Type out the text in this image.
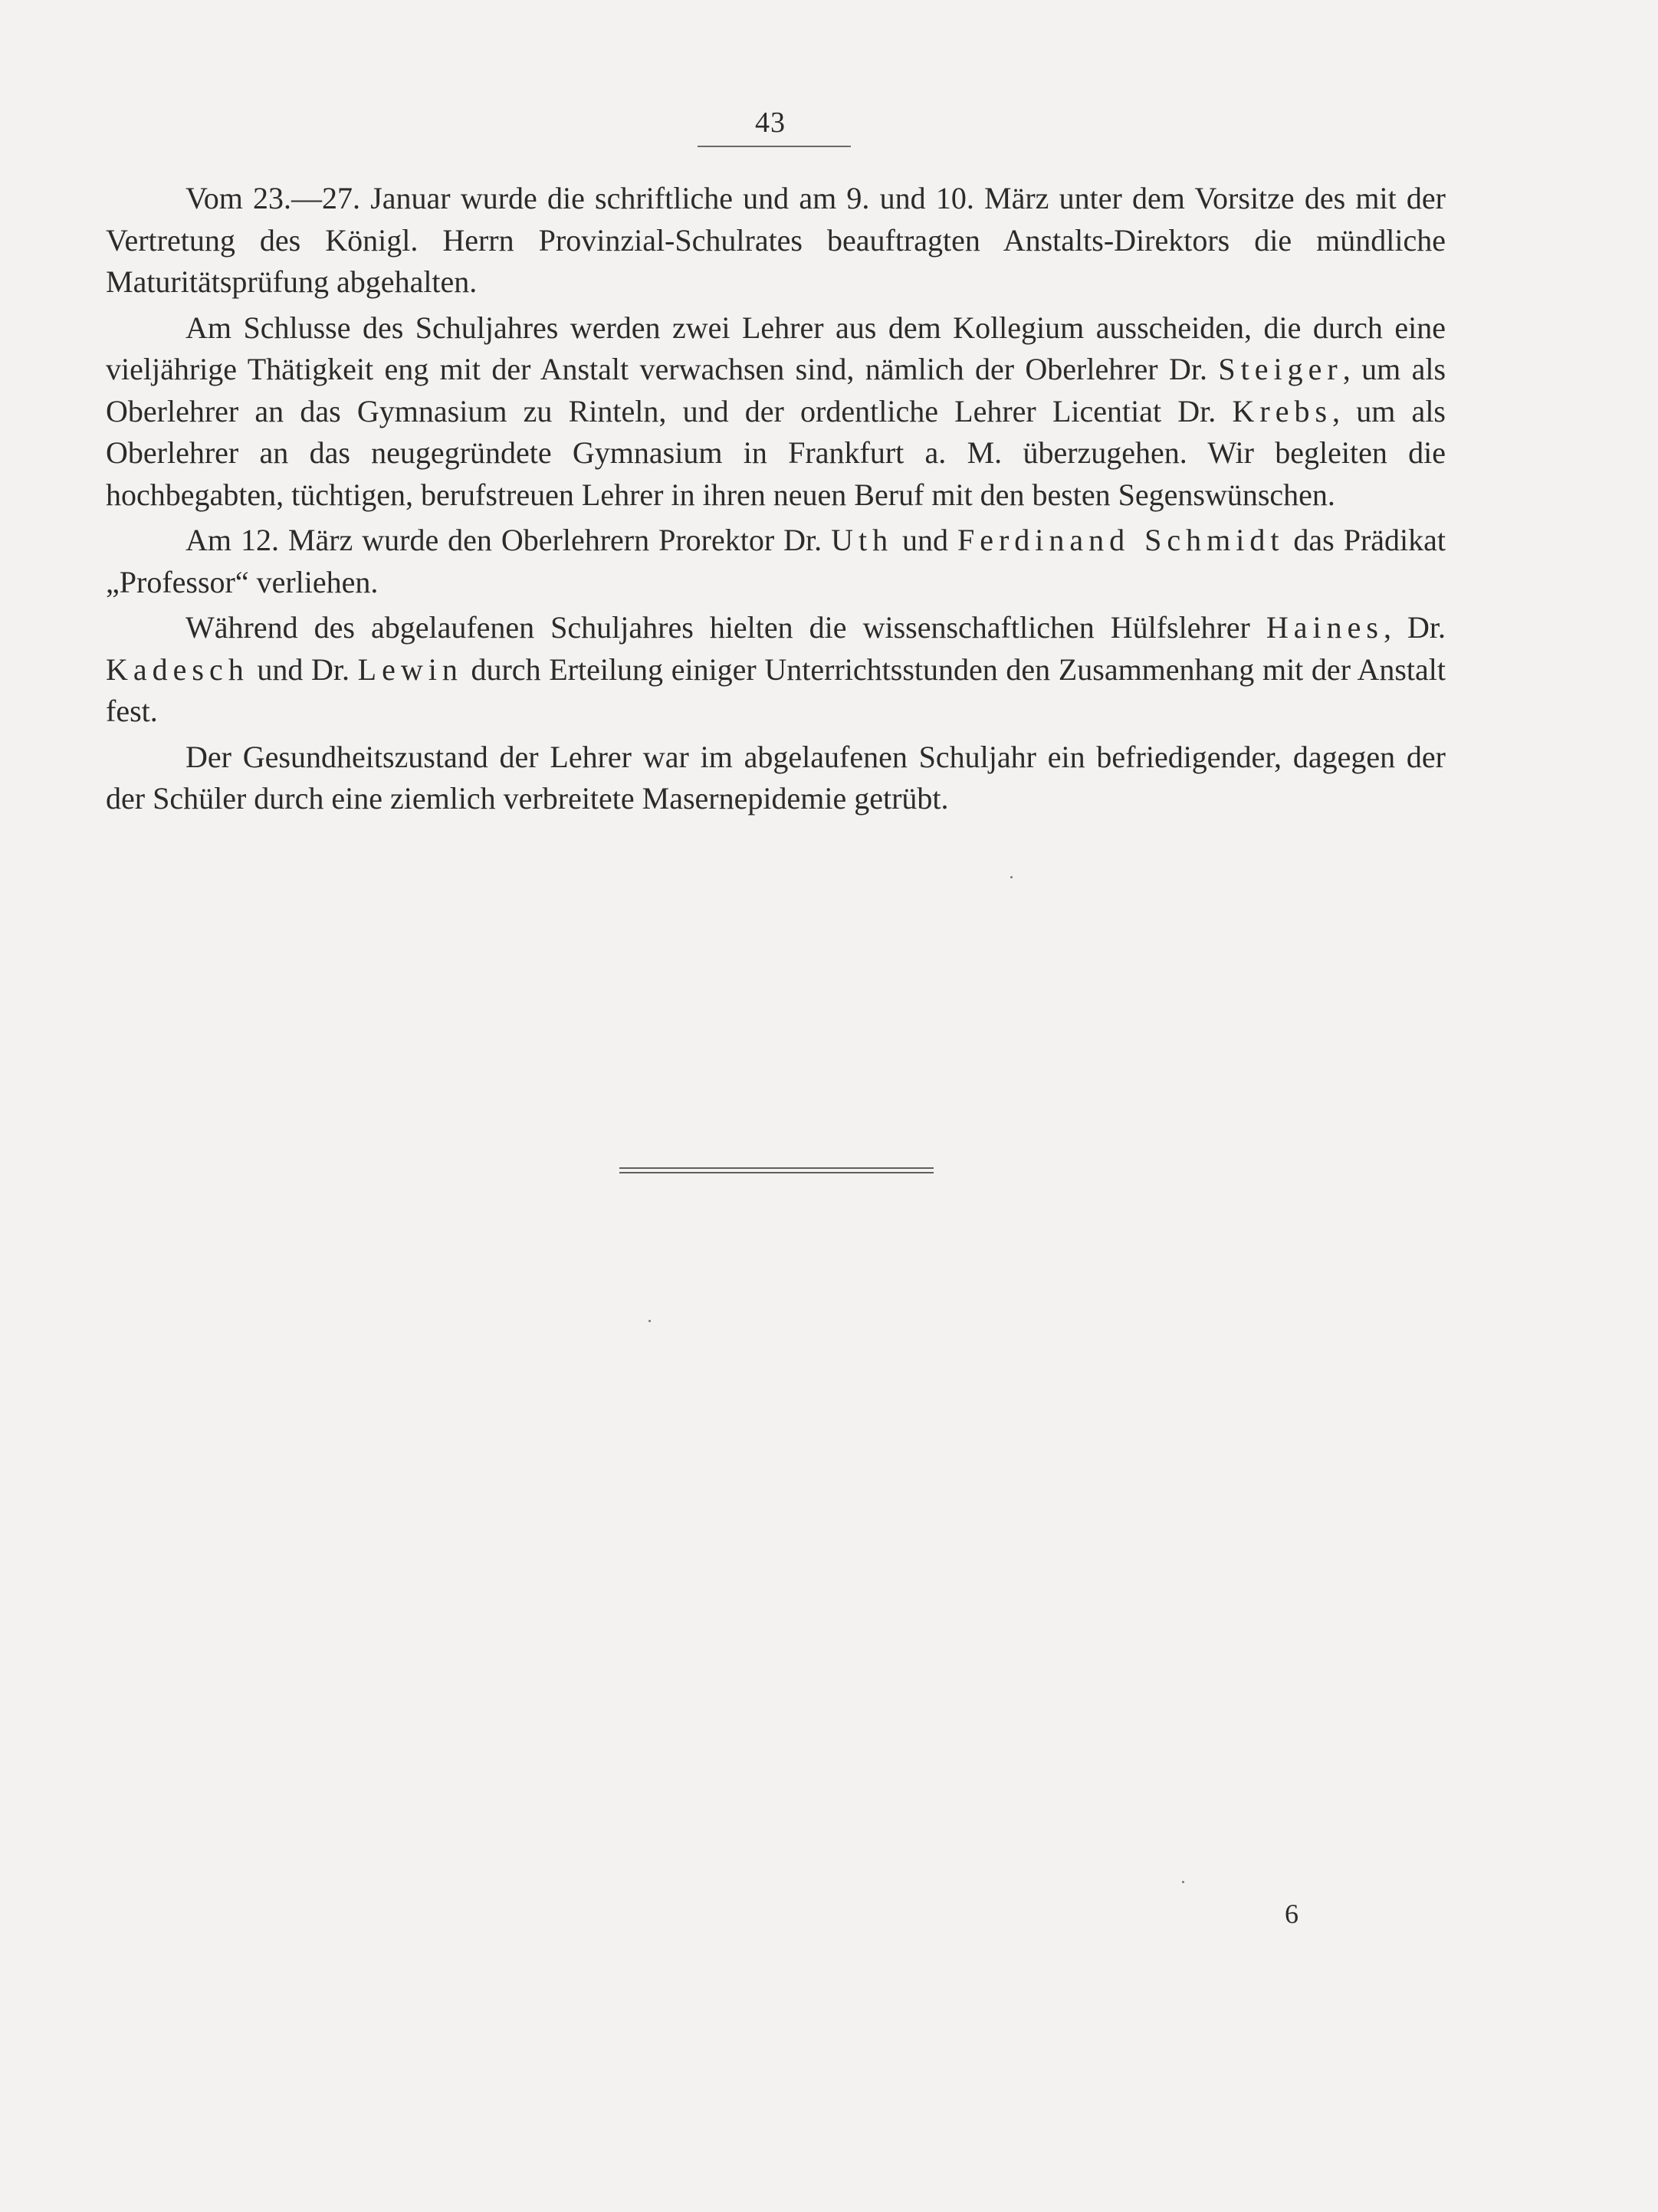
43

Vom 23.—27. Januar wurde die schriftliche und am 9. und 10. März unter dem Vorsitze des mit der Vertretung des Königl. Herrn Provinzial-Schulrates beauftragten Anstalts-Direktors die mündliche Maturitätsprüfung abgehalten.

Am Schlusse des Schuljahres werden zwei Lehrer aus dem Kollegium ausscheiden, die durch eine vieljährige Thätigkeit eng mit der Anstalt verwachsen sind, nämlich der Oberlehrer Dr. Steiger, um als Oberlehrer an das Gymnasium zu Rinteln, und der ordentliche Lehrer Licentiat Dr. Krebs, um als Oberlehrer an das neugegründete Gymnasium in Frankfurt a. M. überzugehen. Wir begleiten die hochbegabten, tüchtigen, berufstreuen Lehrer in ihren neuen Beruf mit den besten Segenswünschen.

Am 12. März wurde den Oberlehrern Prorektor Dr. Uth und Ferdinand Schmidt das Prädikat „Professor“ verliehen.

Während des abgelaufenen Schuljahres hielten die wissenschaftlichen Hülfslehrer Haines, Dr. Kadesch und Dr. Lewin durch Erteilung einiger Unterrichtsstunden den Zusammenhang mit der Anstalt fest.

Der Gesundheitszustand der Lehrer war im abgelaufenen Schuljahr ein befriedigender, dagegen der der Schüler durch eine ziemlich verbreitete Masernepidemie getrübt.

6
